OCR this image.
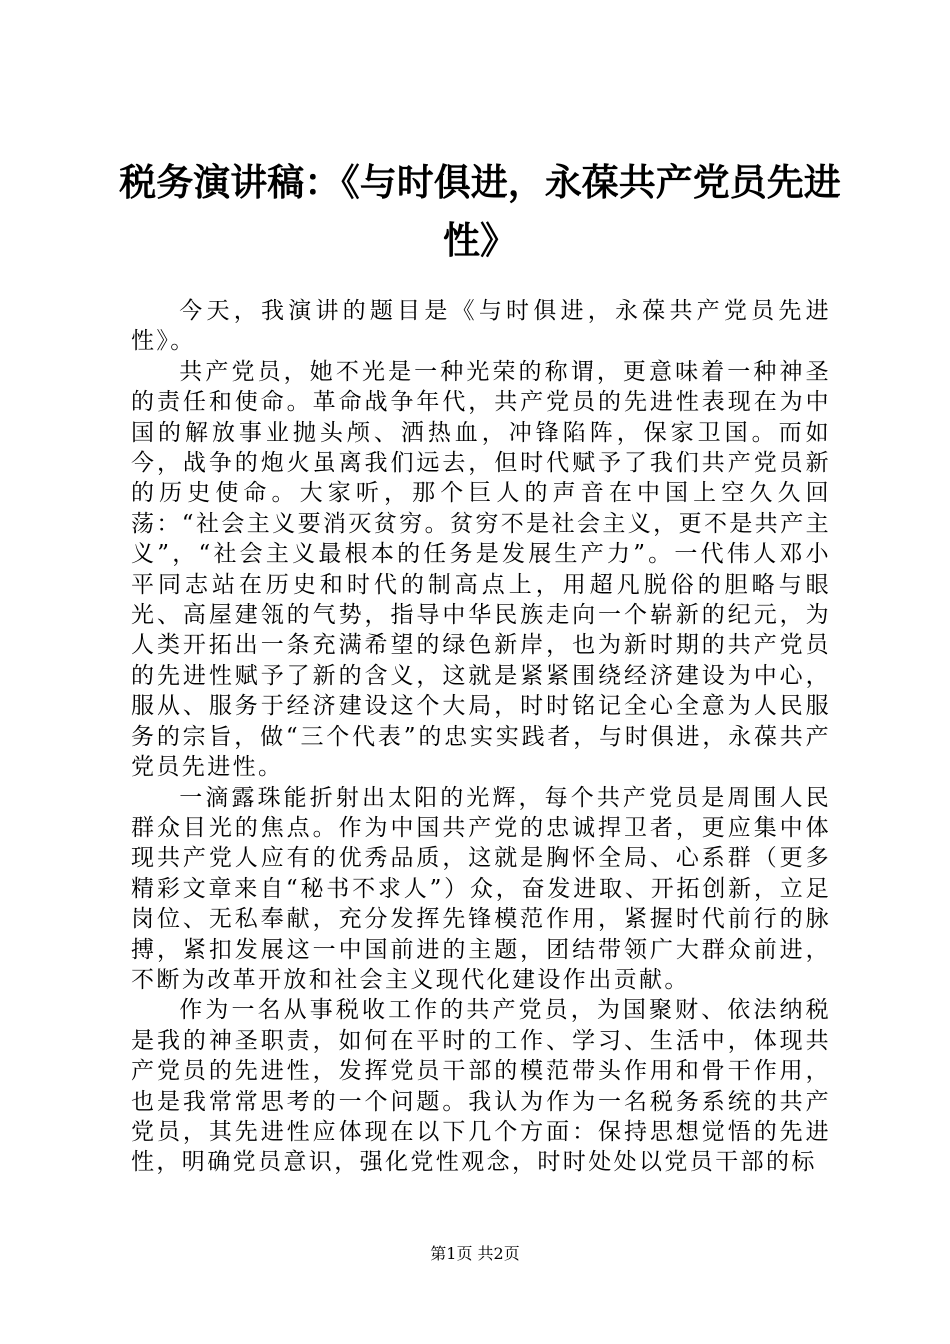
税务演讲稿：《与时俱进，永葆共产党员先进性》

今天，我演讲的题目是《与时俱进，永葆共产党员先进性》。

共产党员，她不光是一种光荣的称谓，更意味着一种神圣的责任和使命。革命战争年代，共产党员的先进性表现在为中国的解放事业抛头颅、洒热血，冲锋陷阵，保家卫国。而如今，战争的炮火虽离我们远去，但时代赋予了我们共产党员新的历史使命。大家听，那个巨人的声音在中国上空久久回荡：“社会主义要消灭贫穷。贫穷不是社会主义，更不是共产主义”，“社会主义最根本的任务是发展生产力”。一代伟人邓小平同志站在历史和时代的制高点上，用超凡脱俗的胆略与眼光、高屋建瓴的气势，指导中华民族走向一个崭新的纪元，为人类开拓出一条充满希望的绿色新岸，也为新时期的共产党员的先进性赋予了新的含义，这就是紧紧围绕经济建设为中心，服从、服务于经济建设这个大局，时时铭记全心全意为人民服务的宗旨，做“三个代表”的忠实实践者，与时俱进，永葆共产党员先进性。

一滴露珠能折射出太阳的光辉，每个共产党员是周围人民群众目光的焦点。作为中国共产党的忠诚捍卫者，更应集中体现共产党人应有的优秀品质，这就是胸怀全局、心系群（更多精彩文章来自“秘书不求人”）众，奋发进取、开拓创新，立足岗位、无私奉献，充分发挥先锋模范作用，紧握时代前行的脉搏，紧扣发展这一中国前进的主题，团结带领广大群众前进，不断为改革开放和社会主义现代化建设作出贡献。

作为一名从事税收工作的共产党员，为国聚财、依法纳税是我的神圣职责，如何在平时的工作、学习、生活中，体现共产党员的先进性，发挥党员干部的模范带头作用和骨干作用，也是我常常思考的一个问题。我认为作为一名税务系统的共产党员，其先进性应体现在以下几个方面：保持思想觉悟的先进性，明确党员意识，强化党性观念，时时处处以党员干部的标

第1页 共2页
